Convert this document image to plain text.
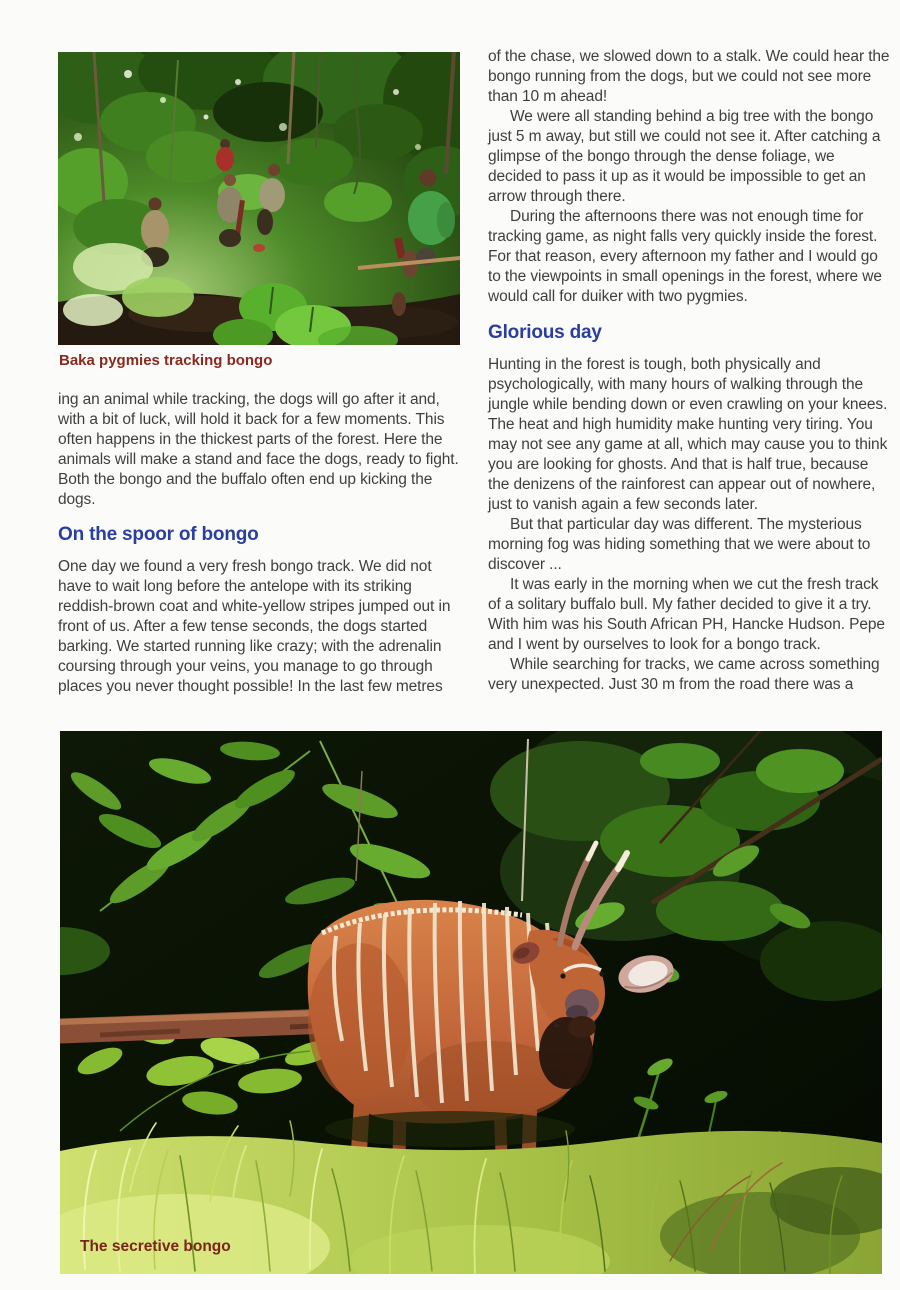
Baka pygmies tracking bongo

ing an animal while tracking, the dogs will go after it and, with a bit of luck, will hold it back for a few moments. This often happens in the thickest parts of the forest. Here the animals will make a stand and face the dogs, ready to fight. Both the bongo and the buffalo often end up kicking the dogs.

On the spoor of bongo

One day we found a very fresh bongo track. We did not have to wait long before the antelope with its striking reddish-brown coat and white-yellow stripes jumped out in front of us. After a few tense seconds, the dogs started barking. We started running like crazy; with the adrenalin coursing through your veins, you manage to go through places you never thought possible! In the last few metres

of the chase, we slowed down to a stalk. We could hear the bongo running from the dogs, but we could not see more than 10 m ahead!

We were all standing behind a big tree with the bongo just 5 m away, but still we could not see it. After catching a glimpse of the bongo through the dense foliage, we decided to pass it up as it would be impossible to get an arrow through there.

During the afternoons there was not enough time for tracking game, as night falls very quickly inside the forest. For that reason, every afternoon my father and I would go to the viewpoints in small openings in the forest, where we would call for duiker with two pygmies.

Glorious day

Hunting in the forest is tough, both physically and psychologically, with many hours of walking through the jungle while bending down or even crawling on your knees. The heat and high humidity make hunting very tiring. You may not see any game at all, which may cause you to think you are looking for ghosts. And that is half true, because the denizens of the rainforest can appear out of nowhere, just to vanish again a few seconds later.

But that particular day was different. The mysterious morning fog was hiding something that we were about to discover ...

It was early in the morning when we cut the fresh track of a solitary buffalo bull. My father decided to give it a try. With him was his South African PH, Hancke Hudson. Pepe and I went by ourselves to look for a bongo track.

While searching for tracks, we came across something very unexpected. Just 30 m from the road there was a

The secretive bongo
